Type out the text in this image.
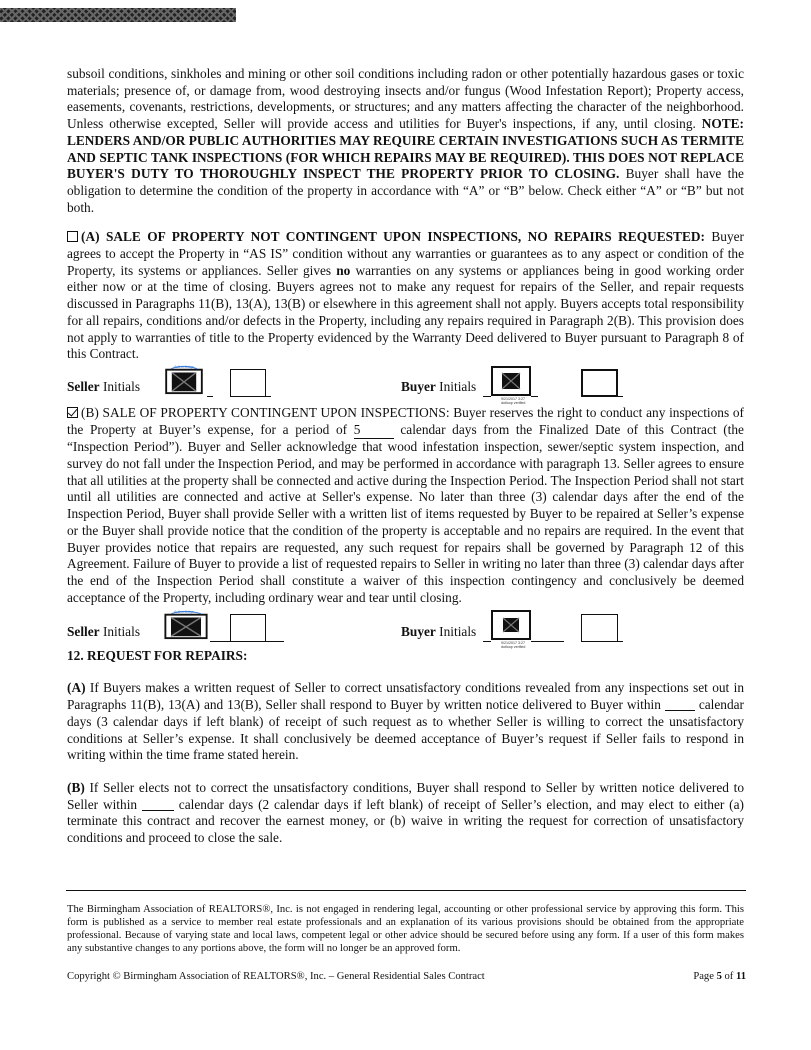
subsoil conditions, sinkholes and mining or other soil conditions including radon or other potentially hazardous gases or toxic materials; presence of, or damage from, wood destroying insects and/or fungus (Wood Infestation Report); Property access, easements, covenants, restrictions, developments, or structures; and any matters affecting the character of the neighborhood. Unless otherwise excepted, Seller will provide access and utilities for Buyer's inspections, if any, until closing. NOTE: LENDERS AND/OR PUBLIC AUTHORITIES MAY REQUIRE CERTAIN INVESTIGATIONS SUCH AS TERMITE AND SEPTIC TANK INSPECTIONS (FOR WHICH REPAIRS MAY BE REQUIRED). THIS DOES NOT REPLACE BUYER'S DUTY TO THOROUGHLY INSPECT THE PROPERTY PRIOR TO CLOSING. Buyer shall have the obligation to determine the condition of the property in accordance with “A” or “B” below. Check either “A” or “B” but not both.

(A) SALE OF PROPERTY NOT CONTINGENT UPON INSPECTIONS, NO REPAIRS REQUESTED: Buyer agrees to accept the Property in “AS IS” condition without any warranties or guarantees as to any aspect or condition of the Property, its systems or appliances. Seller gives no warranties on any systems or appliances being in good working order either now or at the time of closing. Buyers agrees not to make any request for repairs of the Seller, and repair requests discussed in Paragraphs 11(B), 13(A), 13(B) or elsewhere in this agreement shall not apply. Buyers accepts total responsibility for all repairs, conditions and/or defects in the Property, including any repairs required in Paragraph 2(B). This provision does not apply to warranties of title to the Property evidenced by the Warranty Deed delivered to Buyer pursuant to Paragraph 8 of this Contract.

Seller Initials
Authentisign
Buyer Initials
9/21/2017 3:27
dotloop verified

(B) SALE OF PROPERTY CONTINGENT UPON INSPECTIONS: Buyer reserves the right to conduct any inspections of the Property at Buyer’s expense, for a period of 5 calendar days from the Finalized Date of this Contract (the “Inspection Period”). Buyer and Seller acknowledge that wood infestation inspection, sewer/septic system inspection, and survey do not fall under the Inspection Period, and may be performed in accordance with paragraph 13. Seller agrees to ensure that all utilities at the property shall be connected and active during the Inspection Period. The Inspection Period shall not start until all utilities are connected and active at Seller's expense. No later than three (3) calendar days after the end of the Inspection Period, Buyer shall provide Seller with a written list of items requested by Buyer to be repaired at Seller’s expense or the Buyer shall provide notice that the condition of the property is acceptable and no repairs are required. In the event that Buyer provides notice that repairs are requested, any such request for repairs shall be governed by Paragraph 12 of this Agreement. Failure of Buyer to provide a list of requested repairs to Seller in writing no later than three (3) calendar days after the end of the Inspection Period shall constitute a waiver of this inspection contingency and conclusively be deemed acceptance of the Property, including ordinary wear and tear until closing.

Seller Initials
Authentisign
Buyer Initials
9/21/2017 3:27
dotloop verified

12. REQUEST FOR REPAIRS:

(A) If Buyers makes a written request of Seller to correct unsatisfactory conditions revealed from any inspections set out in Paragraphs 11(B), 13(A) and 13(B), Seller shall respond to Buyer by written notice delivered to Buyer within  calendar days (3 calendar days if left blank) of receipt of such request as to whether Seller is willing to correct the unsatisfactory conditions at Seller’s expense. It shall conclusively be deemed acceptance of Buyer’s request if Seller fails to respond in writing within the time frame stated herein.

(B) If Seller elects not to correct the unsatisfactory conditions, Buyer shall respond to Seller by written notice delivered to Seller within  calendar days (2 calendar days if left blank) of receipt of Seller’s election, and may elect to either (a) terminate this contract and recover the earnest money, or (b) waive in writing the request for correction of unsatisfactory conditions and proceed to close the sale.

The Birmingham Association of REALTORS®, Inc. is not engaged in rendering legal, accounting or other professional service by approving this form. This form is published as a service to member real estate professionals and an explanation of its various provisions should be obtained from the appropriate professional. Because of varying state and local laws, competent legal or other advice should be secured before using any form. If a user of this form makes any substantive changes to any portions above, the form will no longer be an approved form.

Copyright © Birmingham Association of REALTORS®, Inc. – General Residential Sales Contract	Page 5 of 11
